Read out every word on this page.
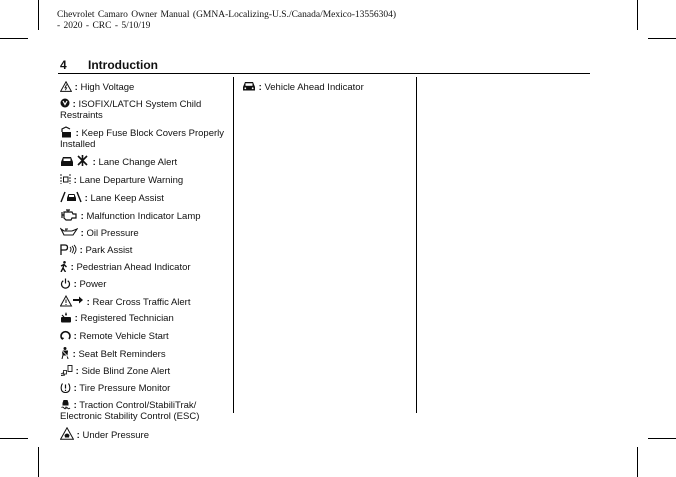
Chevrolet Camaro Owner Manual (GMNA-Localizing-U.S./Canada/Mexico-13556304) - 2020 - CRC - 5/10/19
4 Introduction
: High Voltage
: ISOFIX/LATCH System Child Restraints
: Keep Fuse Block Covers Properly Installed
: Lane Change Alert
: Lane Departure Warning
: Lane Keep Assist
: Malfunction Indicator Lamp
: Oil Pressure
: Park Assist
: Pedestrian Ahead Indicator
: Power
: Rear Cross Traffic Alert
: Registered Technician
: Remote Vehicle Start
: Seat Belt Reminders
: Side Blind Zone Alert
: Tire Pressure Monitor
: Traction Control/StabiliTrak/ Electronic Stability Control (ESC)
: Under Pressure
: Vehicle Ahead Indicator
